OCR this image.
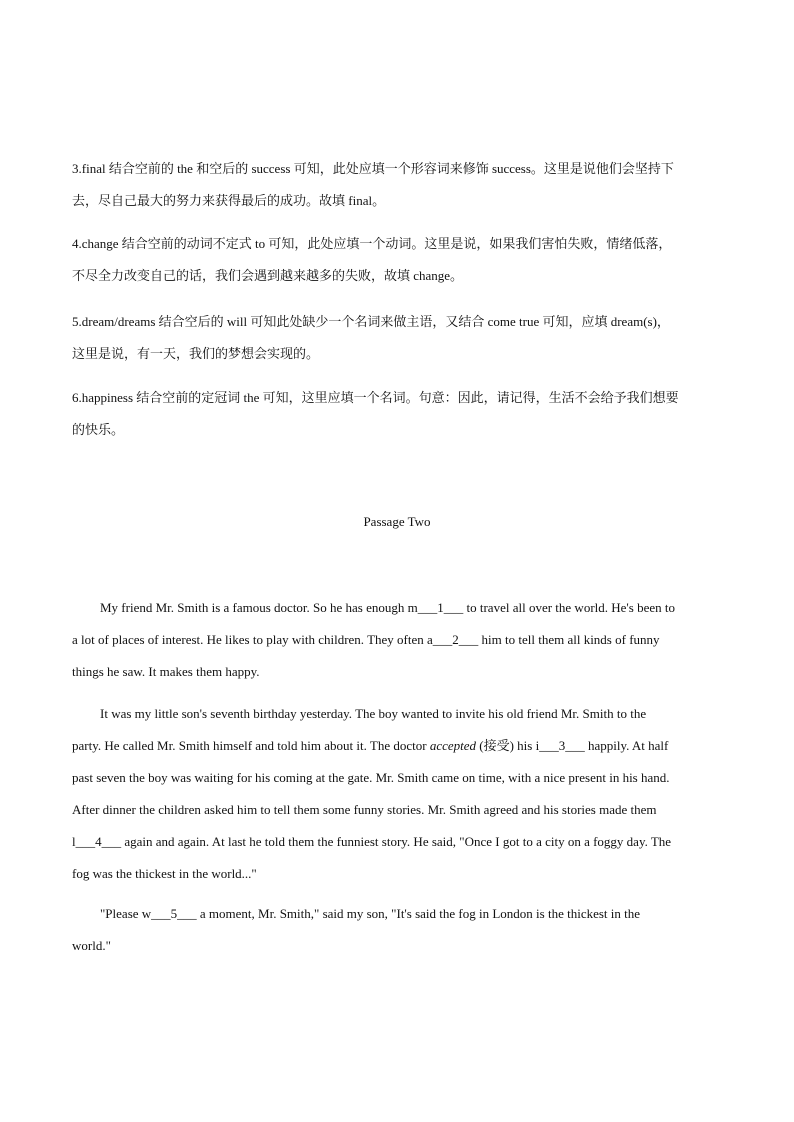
3.final 结合空前的 the 和空后的 success 可知，此处应填一个形容词来修饰 success。这里是说他们会坚持下
去，尽自己最大的努力来获得最后的成功。故填 final。

4.change 结合空前的动词不定式 to 可知，此处应填一个动词。这里是说，如果我们害怕失败，情绪低落，
不尽全力改变自己的话，我们会遇到越来越多的失败，故填 change。

5.dream/dreams 结合空后的 will 可知此处缺少一个名词来做主语，又结合 come true 可知，应填 dream(s)，
这里是说，有一天，我们的梦想会实现的。

6.happiness 结合空前的定冠词 the 可知，这里应填一个名词。句意：因此，请记得，生活不会给予我们想要
的快乐。

Passage Two

My friend Mr. Smith is a famous doctor. So he has enough m___1___ to travel all over the world. He's been to
a lot of places of interest. He likes to play with children. They often a___2___ him to tell them all kinds of funny
things he saw. It makes them happy.

It was my little son's seventh birthday yesterday. The boy wanted to invite his old friend Mr. Smith to the
party. He called Mr. Smith himself and told him about it. The doctor accepted (接受) his i___3___ happily. At half
past seven the boy was waiting for his coming at the gate. Mr. Smith came on time, with a nice present in his hand.
After dinner the children asked him to tell them some funny stories. Mr. Smith agreed and his stories made them
l___4___ again and again. At last he told them the funniest story. He said, "Once I got to a city on a foggy day. The
fog was the thickest in the world..."

"Please w___5___ a moment, Mr. Smith," said my son, "It's said the fog in London is the thickest in the
world."
